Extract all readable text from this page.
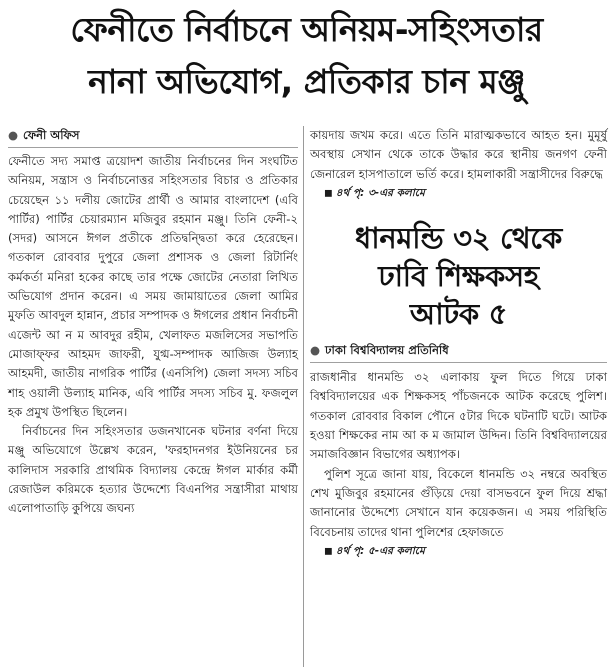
ফেনীতে নির্বাচনে অনিয়ম-সহিংসতার
নানা অভিযোগ, প্রতিকার চান মঞ্জু
● ফেনী অফিস

ফেনীতে সদ্য সমাপ্ত ত্রয়োদশ জাতীয় নির্বাচনের দিন সংঘটিত অনিয়ম, সন্ত্রাস ও নির্বাচনোত্তর সহিংসতার বিচার ও প্রতিকার চেয়েছেন ১১ দলীয় জোটের প্রার্থী ও আমার বাংলাদেশ (এবি পার্টির) পার্টির চেয়ারম্যান মজিবুর রহমান মঞ্জু। তিনি ফেনী-২ (সদর) আসনে ঈগল প্রতীকে প্রতিদ্বন্দ্বিতা করে হেরেছেন। গতকাল রোববার দুপুরে জেলা প্রশাসক ও জেলা রিটার্নিং কর্মকর্তা মনিরা হকের কাছে তার পক্ষে জোটের নেতারা লিখিত অভিযোগ প্রদান করেন। এ সময় জামায়াতের জেলা আমির মুফতি আবদুল হান্নান, প্রচার সম্পাদক ও ঈগলের প্রধান নির্বাচনী এজেন্ট আ ন ম আবদুর রহীম, খেলাফত মজলিসের সভাপতি মোজাফ্ফর আহমদ জাফরী, যুগ্ম-সম্পাদক আজিজ উল্যাহ আহমদী, জাতীয় নাগরিক পার্টির (এনসিপি) জেলা সদস্য সচিব শাহ ওয়ালী উল্যাহ মানিক, এবি পার্টির সদস্য সচিব মু. ফজলুল হক প্রমুখ উপস্থিত ছিলেন।

নির্বাচনের দিন সহিংসতার ডজনখানেক ঘটনার বর্ণনা দিয়ে মঞ্জু অভিযোগে উল্লেখ করেন, 'ফরহাদনগর ইউনিয়নের চর কালিদাস সরকারি প্রাথমিক বিদ্যালয় কেন্দ্রে ঈগল মার্কার কর্মী রেজাউল করিমকে হত্যার উদ্দেশ্যে বিএনপির সন্ত্রাসীরা মাথায় এলোপাতাড়ি কুপিয়ে জঘন্য

কায়দায় জখম করে। এতে তিনি মারাত্মকভাবে আহত হন। মুমূর্ষু অবস্থায় সেখান থেকে তাকে উদ্ধার করে স্থানীয় জনগণ ফেনী জেনারেল হাসপাতালে ভর্তি করে। হামলাকারী সন্ত্রাসীদের বিরুদ্ধে

◼ ৪র্থ পৃ: ৩-এর কলামে
ধানমন্ডি ৩২ থেকে
ঢাবি শিক্ষকসহ
আটক ৫
● ঢাকা বিশ্ববিদ্যালয় প্রতিনিধি

রাজধানীর ধানমন্ডি ৩২ এলাকায় ফুল দিতে গিয়ে ঢাকা বিশ্ববিদ্যালয়ের এক শিক্ষকসহ পাঁচজনকে আটক করেছে পুলিশ। গতকাল রোববার বিকাল পৌনে ৫টার দিকে ঘটনাটি ঘটে। আটক হওয়া শিক্ষকের নাম আ ক ম জামাল উদ্দিন। তিনি বিশ্ববিদ্যালয়ের সমাজবিজ্ঞান বিভাগের অধ্যাপক।

পুলিশ সূত্রে জানা যায়, বিকেলে ধানমন্ডি ৩২ নম্বরে অবস্থিত শেখ মুজিবুর রহমানের গুঁড়িয়ে দেয়া বাসভবনে ফুল দিয়ে শ্রদ্ধা জানানোর উদ্দেশ্যে সেখানে যান কয়েকজন। এ সময় পরিস্থিতি বিবেচনায় তাদের থানা পুলিশের হেফাজতে

◼ ৪র্থ পৃ: ৫-এর কলামে
